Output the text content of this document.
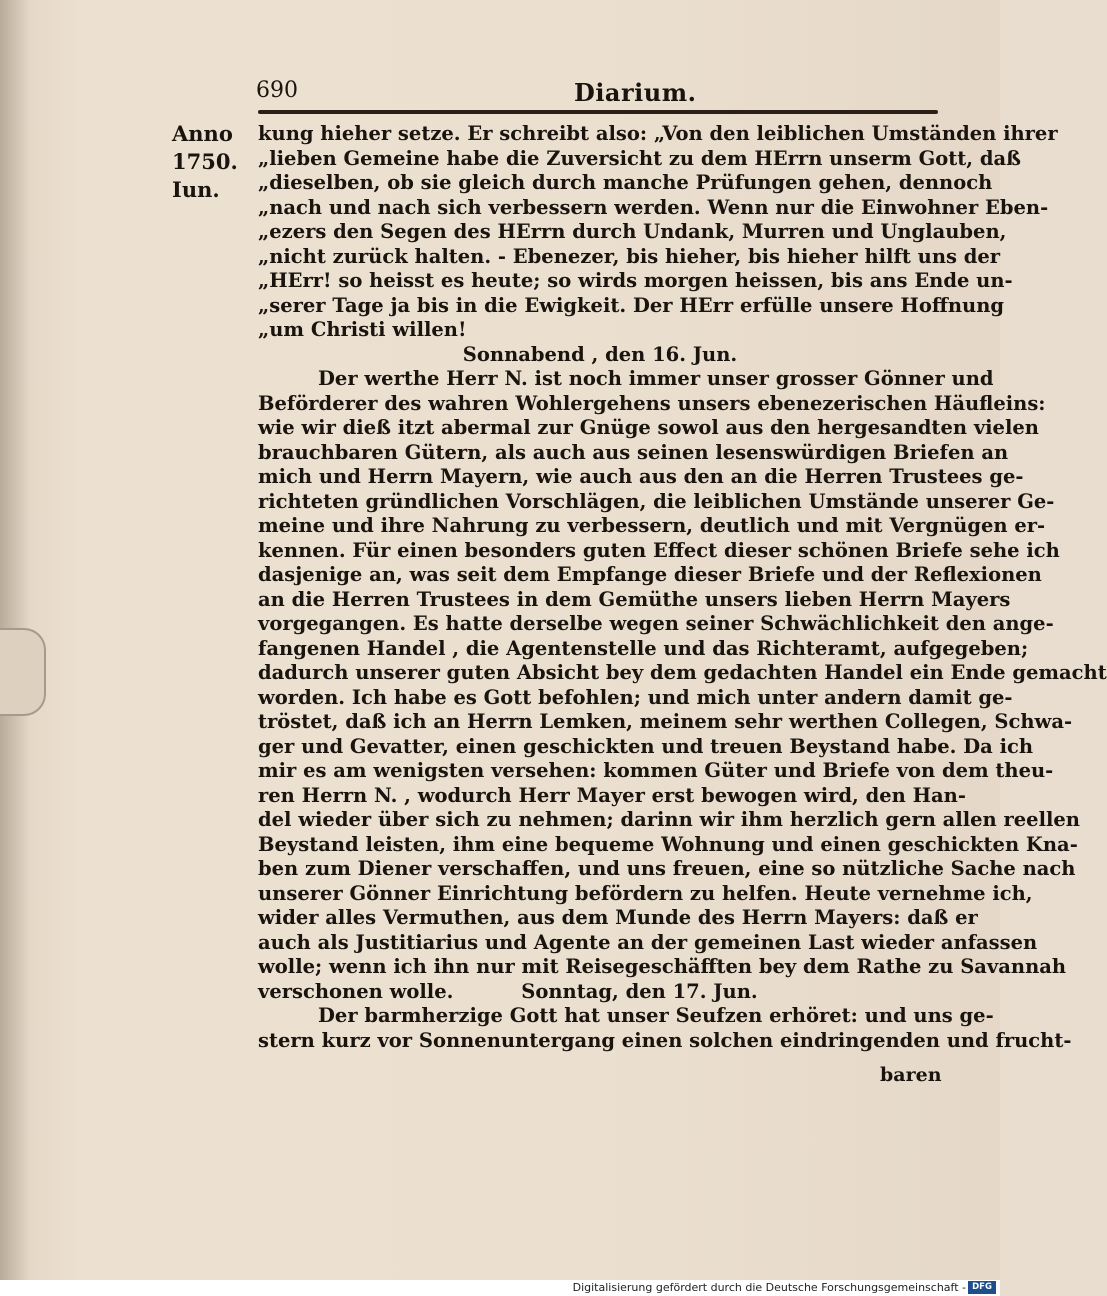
690	Diarium.
Anno
1750.
Iun.
kung hieher setze. Er schreibt also: „Von den leiblichen Umständen ihrer
„lieben Gemeine habe die Zuversicht zu dem HErrn unserm Gott, daß
„dieselben, ob sie gleich durch manche Prüfungen gehen, dennoch
„nach und nach sich verbessern werden. Wenn nur die Einwohner Eben-
„ezers den Segen des HErrn durch Undank, Murren und Unglauben,
„nicht zurück halten. - Ebenezer, bis hieher, bis hieher hilft uns der
„HErr! so heisst es heute; so wirds morgen heissen, bis ans Ende un-
„serer Tage ja bis in die Ewigkeit. Der HErr erfülle unsere Hoffnung
„um Christi willen!
Sonnabend , den 16. Jun.
Der werthe Herr N. ist noch immer unser grosser Gönner und
Beförderer des wahren Wohlergehens unsers ebenezerischen Häufleins:
wie wir dieß itzt abermal zur Gnüge sowol aus den hergesandten vielen
brauchbaren Gütern, als auch aus seinen lesenswürdigen Briefen an
mich und Herrn Mayern, wie auch aus den an die Herren Trustees ge-
richteten gründlichen Vorschlägen, die leiblichen Umstände unserer Ge-
meine und ihre Nahrung zu verbessern, deutlich und mit Vergnügen er-
kennen. Für einen besonders guten Effect dieser schönen Briefe sehe ich
dasjenige an, was seit dem Empfange dieser Briefe und der Reflexionen
an die Herren Trustees in dem Gemüthe unsers lieben Herrn Mayers
vorgegangen. Es hatte derselbe wegen seiner Schwächlichkeit den ange-
fangenen Handel , die Agentenstelle und das Richteramt, aufgegeben;
dadurch unserer guten Absicht bey dem gedachten Handel ein Ende gemacht
worden. Ich habe es Gott befohlen; und mich unter andern damit ge-
tröstet, daß ich an Herrn Lemken, meinem sehr werthen Collegen, Schwa-
ger und Gevatter, einen geschickten und treuen Beystand habe. Da ich
mir es am wenigsten versehen: kommen Güter und Briefe von dem theu-
ren Herrn N. , wodurch Herr Mayer erst bewogen wird, den Han-
del wieder über sich zu nehmen; darinn wir ihm herzlich gern allen reellen
Beystand leisten, ihm eine bequeme Wohnung und einen geschickten Kna-
ben zum Diener verschaffen, und uns freuen, eine so nützliche Sache nach
unserer Gönner Einrichtung befördern zu helfen. Heute vernehme ich,
wider alles Vermuthen, aus dem Munde des Herrn Mayers: daß er
auch als Justitiarius und Agente an der gemeinen Last wieder anfassen
wolle; wenn ich ihn nur mit Reisegeschäfften bey dem Rathe zu Savannah
verschonen wolle.          Sonntag, den 17. Jun.
Der barmherzige Gott hat unser Seufzen erhöret: und uns ge-
stern kurz vor Sonnenuntergang einen solchen eindringenden und frucht-
baren
Digitalisierung gefördert durch die Deutsche Forschungsgemeinschaft - DFG
